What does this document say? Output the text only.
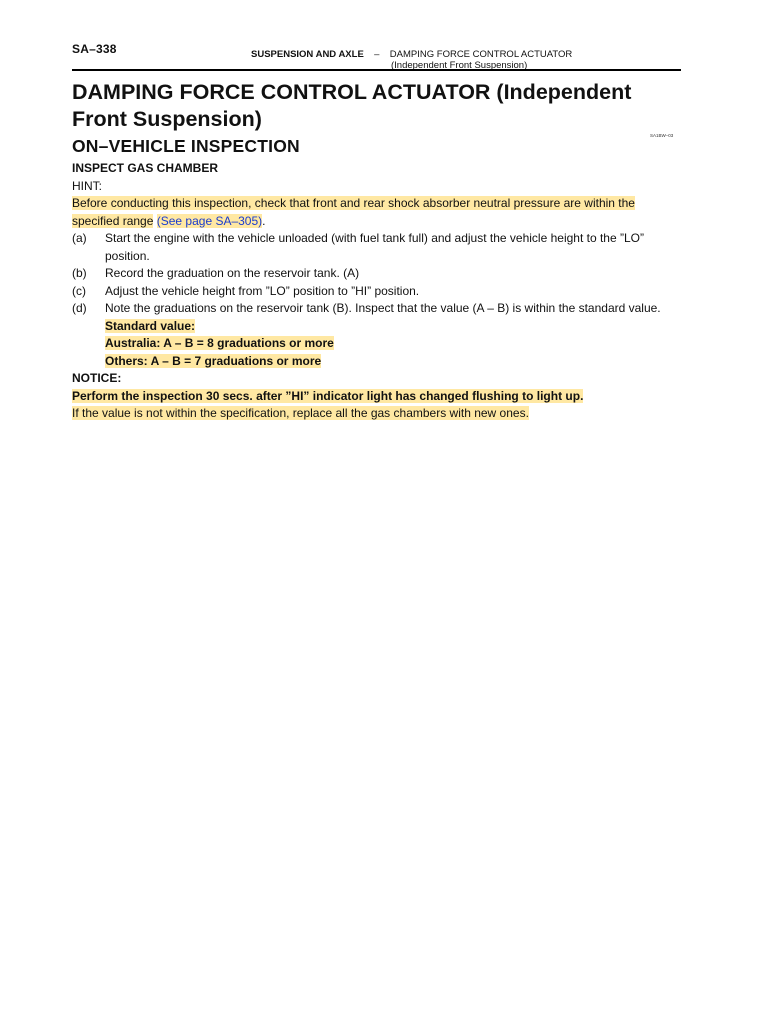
SA–338	SUSPENSION AND AXLE – DAMPING FORCE CONTROL ACTUATOR
(Independent Front Suspension)
DAMPING FORCE CONTROL ACTUATOR (Independent Front Suspension)
SA1BW–03
ON–VEHICLE INSPECTION

INSPECT GAS CHAMBER

HINT:

Before conducting this inspection, check that front and rear shock absorber neutral pressure are within the specified range (See page SA–305).

(a)	Start the engine with the vehicle unloaded (with fuel tank full) and adjust the vehicle height to the ”LO” position.
(b)	Record the graduation on the reservoir tank. (A)
(c)	Adjust the vehicle height from ”LO” position to ”HI” position.
(d)	Note the graduations on the reservoir tank (B). Inspect that the value (A – B) is within the standard value.

Standard value:

Australia: A – B = 8 graduations or more

Others: A – B = 7 graduations or more

NOTICE:

Perform the inspection 30 secs. after ”HI” indicator light has changed flushing to light up.

If the value is not within the specification, replace all the gas chambers with new ones.
